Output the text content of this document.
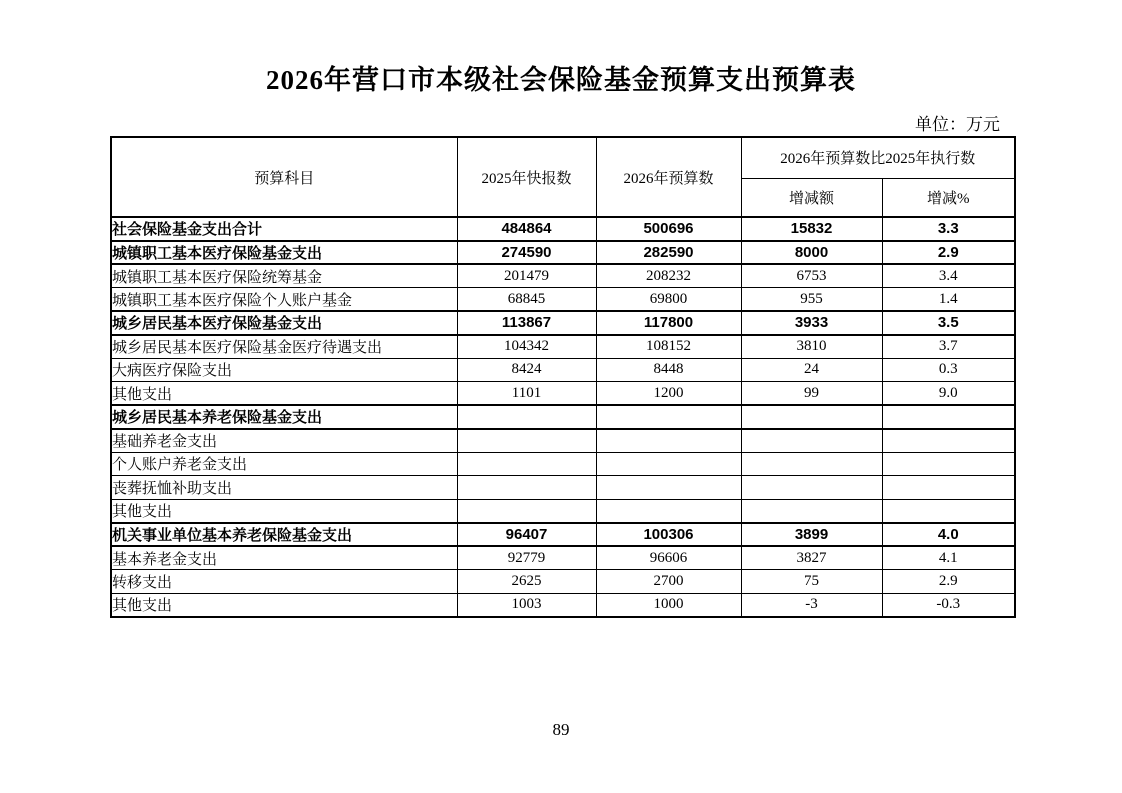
2026年营口市本级社会保险基金预算支出预算表
单位：万元
预算科目	2025年快报数	2026年预算数	2026年预算数比2025年执行数	
			增减额	增减%
社会保险基金支出合计	484864	500696	15832	3.3
城镇职工基本医疗保险基金支出	274590	282590	8000	2.9
城镇职工基本医疗保险统筹基金	201479	208232	6753	3.4
城镇职工基本医疗保险个人账户基金	68845	69800	955	1.4
城乡居民基本医疗保险基金支出	113867	117800	3933	3.5
城乡居民基本医疗保险基金医疗待遇支出	104342	108152	3810	3.7
大病医疗保险支出	8424	8448	24	0.3
其他支出	1101	1200	99	9.0
城乡居民基本养老保险基金支出				
基础养老金支出				
个人账户养老金支出				
丧葬抚恤补助支出				
其他支出				
机关事业单位基本养老保险基金支出	96407	100306	3899	4.0
基本养老金支出	92779	96606	3827	4.1
转移支出	2625	2700	75	2.9
其他支出	1003	1000	-3	-0.3
89
